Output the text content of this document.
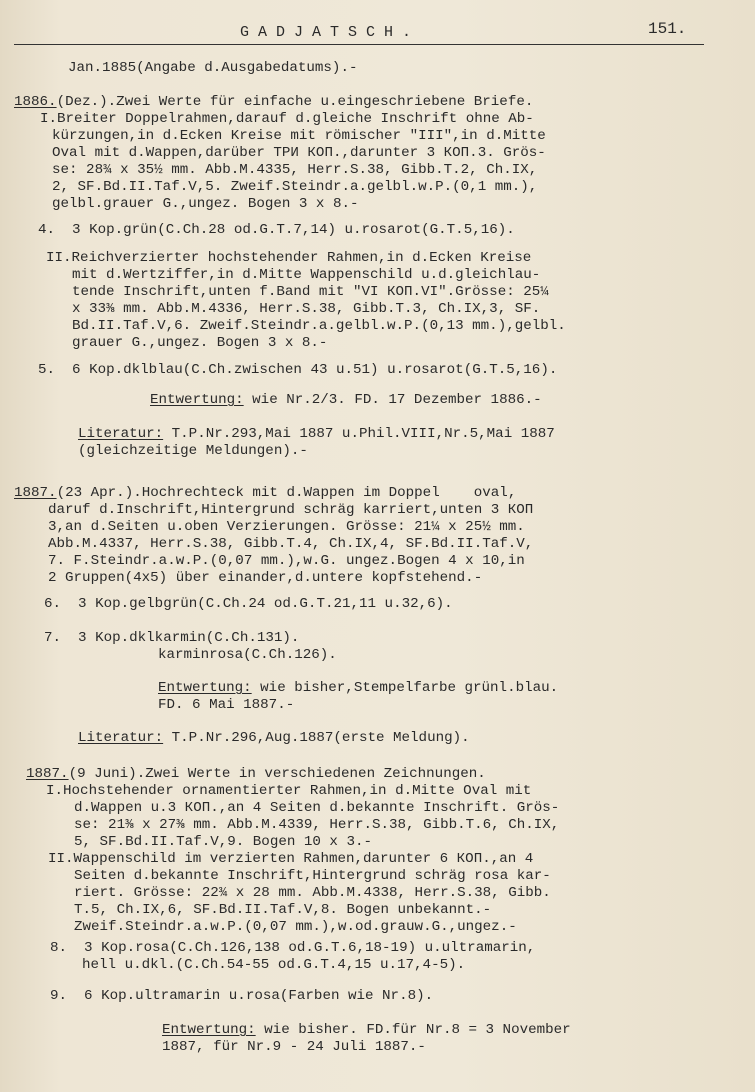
GADJATSCH.	151.
Jan.1885(Angabe d.Ausgabedatums).-
1886.(Dez.).Zwei Werte für einfache u.eingeschriebene Briefe.
I.Breiter Doppelrahmen,darauf d.gleiche Inschrift ohne Ab-
kürzungen,in d.Ecken Kreise mit römischer "III",in d.Mitte
Oval mit d.Wappen,darüber ТРИ КОП.,darunter 3 КОП.3. Grös-
se: 28¾ x 35½ mm. Abb.M.4335, Herr.S.38, Gibb.T.2, Ch.IX,
2, SF.Bd.II.Taf.V,5. Zweif.Steindr.a.gelbl.w.P.(0,1 mm.),
gelbl.grauer G.,ungez. Bogen 3 x 8.-
4.  3 Kop.grün(C.Ch.28 od.G.T.7,14) u.rosarot(G.T.5,16).
II.Reichverzierter hochstehender Rahmen,in d.Ecken Kreise
mit d.Wertziffer,in d.Mitte Wappenschild u.d.gleichlau-
tende Inschrift,unten f.Band mit "VI КОП.VI".Grösse: 25¼
x 33⅜ mm. Abb.M.4336, Herr.S.38, Gibb.T.3, Ch.IX,3, SF.
Bd.II.Taf.V,6. Zweif.Steindr.a.gelbl.w.P.(0,13 mm.),gelbl.
grauer G.,ungez. Bogen 3 x 8.-
5.  6 Kop.dklblau(C.Ch.zwischen 43 u.51) u.rosarot(G.T.5,16).
Entwertung: wie Nr.2/3. FD. 17 Dezember 1886.-
Literatur: T.P.Nr.293,Mai 1887 u.Phil.VIII,Nr.5,Mai 1887
(gleichzeitige Meldungen).-
1887.(23 Apr.).Hochrechteck mit d.Wappen im Doppel    oval,
daruf d.Inschrift,Hintergrund schräg karriert,unten 3 КОП
3,an d.Seiten u.oben Verzierungen. Grösse: 21¼ x 25½ mm.
Abb.M.4337, Herr.S.38, Gibb.T.4, Ch.IX,4, SF.Bd.II.Taf.V,
7. F.Steindr.a.w.P.(0,07 mm.),w.G. ungez.Bogen 4 x 10,in
2 Gruppen(4x5) über einander,d.untere kopfstehend.-
6.  3 Kop.gelbgrün(C.Ch.24 od.G.T.21,11 u.32,6).
7.  3 Kop.dklkarmin(C.Ch.131).
karminrosa(C.Ch.126).
Entwertung: wie bisher,Stempelfarbe grünl.blau.
FD. 6 Mai 1887.-
Literatur: T.P.Nr.296,Aug.1887(erste Meldung).
1887.(9 Juni).Zwei Werte in verschiedenen Zeichnungen.
I.Hochstehender ornamentierter Rahmen,in d.Mitte Oval mit
d.Wappen u.3 КОП.,an 4 Seiten d.bekannte Inschrift. Grös-
se: 21⅜ x 27⅜ mm. Abb.M.4339, Herr.S.38, Gibb.T.6, Ch.IX,
5, SF.Bd.II.Taf.V,9. Bogen 10 x 3.-
II.Wappenschild im verzierten Rahmen,darunter 6 КОП.,an 4
Seiten d.bekannte Inschrift,Hintergrund schräg rosa kar-
riert. Grösse: 22¾ x 28 mm. Abb.M.4338, Herr.S.38, Gibb.
T.5, Ch.IX,6, SF.Bd.II.Taf.V,8. Bogen unbekannt.-
Zweif.Steindr.a.w.P.(0,07 mm.),w.od.grauw.G.,ungez.-
8.  3 Kop.rosa(C.Ch.126,138 od.G.T.6,18-19) u.ultramarin,
hell u.dkl.(C.Ch.54-55 od.G.T.4,15 u.17,4-5).
9.  6 Kop.ultramarin u.rosa(Farben wie Nr.8).
Entwertung: wie bisher. FD.für Nr.8 = 3 November
1887, für Nr.9 - 24 Juli 1887.-
